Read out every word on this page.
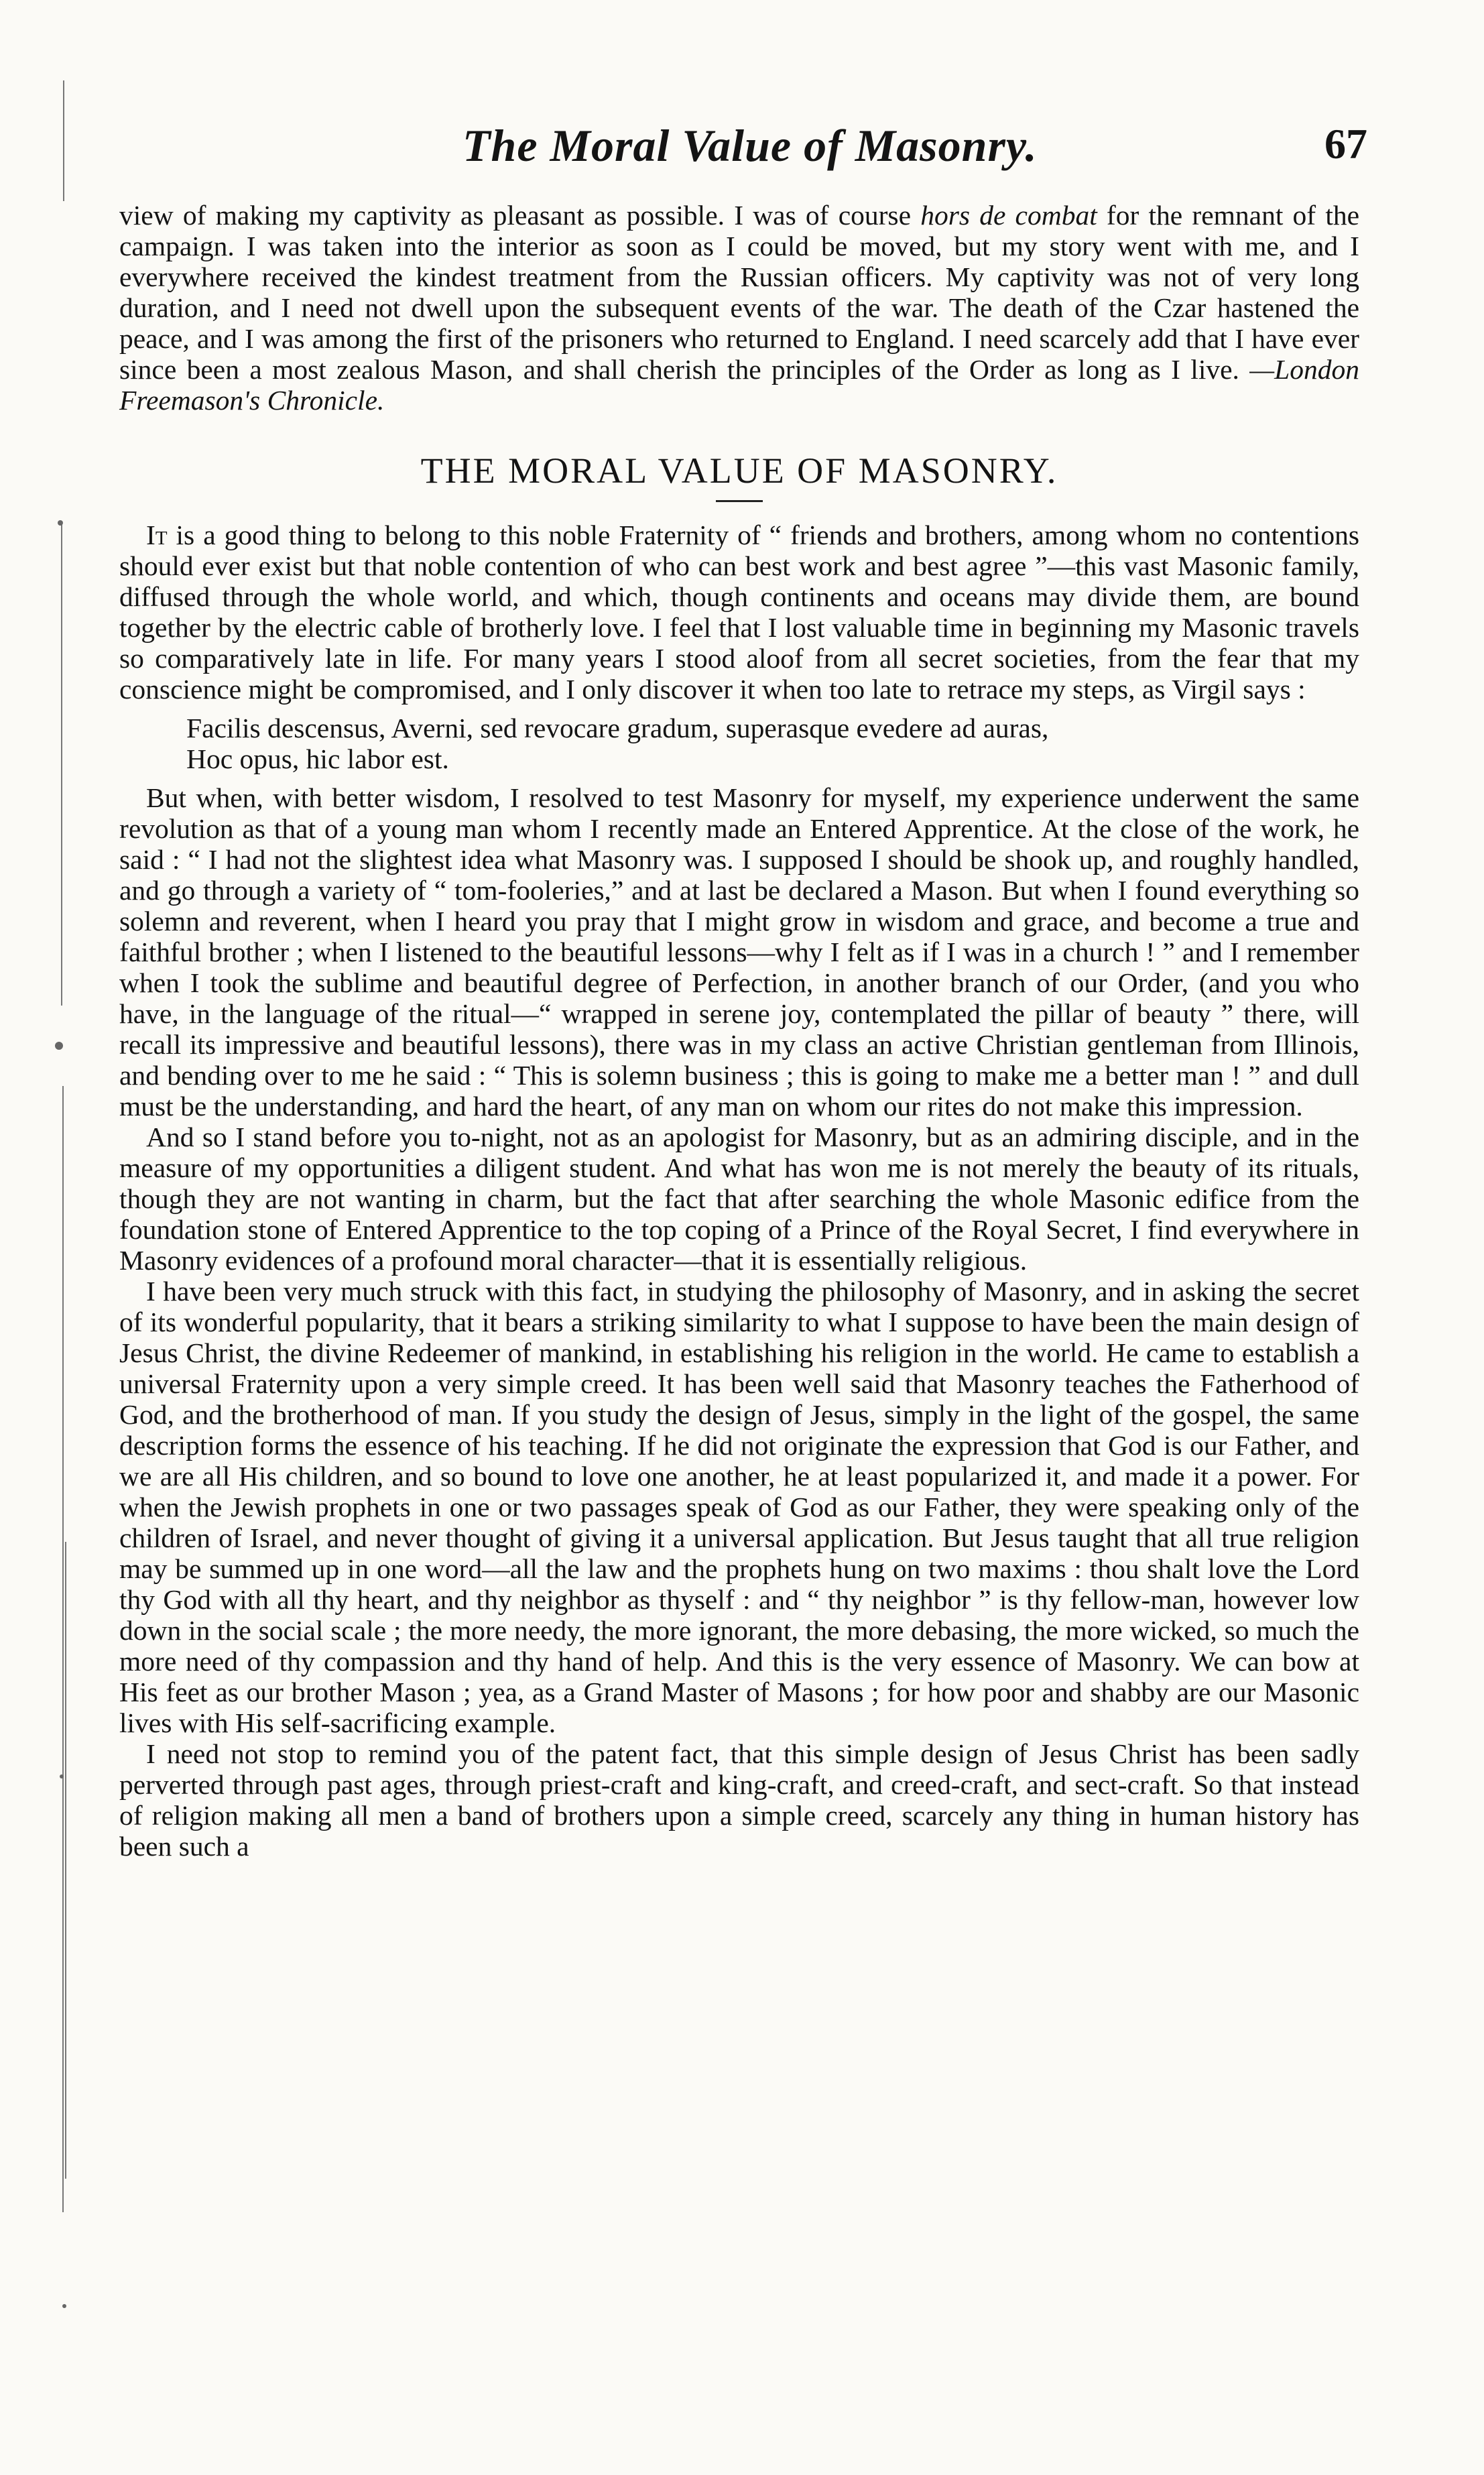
The Moral Value of Masonry.	67

view of making my captivity as pleasant as possible. I was of course hors de combat for the remnant of the campaign. I was taken into the interior as soon as I could be moved, but my story went with me, and I everywhere received the kindest treatment from the Russian officers. My captivity was not of very long duration, and I need not dwell upon the subsequent events of the war. The death of the Czar hastened the peace, and I was among the first of the prisoners who returned to England. I need scarcely add that I have ever since been a most zealous Mason, and shall cherish the principles of the Order as long as I live. —London Freemason's Chronicle.

THE MORAL VALUE OF MASONRY.

It is a good thing to belong to this noble Fraternity of “ friends and brothers, among whom no contentions should ever exist but that noble contention of who can best work and best agree ”—this vast Masonic family, diffused through the whole world, and which, though continents and oceans may divide them, are bound together by the electric cable of brotherly love. I feel that I lost valuable time in beginning my Masonic travels so comparatively late in life. For many years I stood aloof from all secret societies, from the fear that my conscience might be compromised, and I only discover it when too late to retrace my steps, as Virgil says :

Facilis descensus, Averni, sed revocare gradum, superasque evedere ad auras,
Hoc opus, hic labor est.

But when, with better wisdom, I resolved to test Masonry for myself, my experience underwent the same revolution as that of a young man whom I recently made an Entered Apprentice. At the close of the work, he said : “ I had not the slightest idea what Masonry was. I supposed I should be shook up, and roughly handled, and go through a variety of “ tom-fooleries,” and at last be declared a Mason. But when I found everything so solemn and reverent, when I heard you pray that I might grow in wisdom and grace, and become a true and faithful brother ; when I listened to the beautiful lessons—why I felt as if I was in a church ! ” and I remember when I took the sublime and beautiful degree of Perfection, in another branch of our Order, (and you who have, in the language of the ritual—“ wrapped in serene joy, contemplated the pillar of beauty ” there, will recall its impressive and beautiful lessons), there was in my class an active Christian gentleman from Illinois, and bending over to me he said : “ This is solemn business ; this is going to make me a better man ! ” and dull must be the understanding, and hard the heart, of any man on whom our rites do not make this impression.

And so I stand before you to-night, not as an apologist for Masonry, but as an admiring disciple, and in the measure of my opportunities a diligent student. And what has won me is not merely the beauty of its rituals, though they are not wanting in charm, but the fact that after searching the whole Masonic edifice from the foundation stone of Entered Apprentice to the top coping of a Prince of the Royal Secret, I find everywhere in Masonry evidences of a profound moral character—that it is essentially religious.

I have been very much struck with this fact, in studying the philosophy of Masonry, and in asking the secret of its wonderful popularity, that it bears a striking similarity to what I suppose to have been the main design of Jesus Christ, the divine Redeemer of mankind, in establishing his religion in the world. He came to establish a universal Fraternity upon a very simple creed. It has been well said that Masonry teaches the Fatherhood of God, and the brotherhood of man. If you study the design of Jesus, simply in the light of the gospel, the same description forms the essence of his teaching. If he did not originate the expression that God is our Father, and we are all His children, and so bound to love one another, he at least popularized it, and made it a power. For when the Jewish prophets in one or two passages speak of God as our Father, they were speaking only of the children of Israel, and never thought of giving it a universal application. But Jesus taught that all true religion may be summed up in one word—all the law and the prophets hung on two maxims : thou shalt love the Lord thy God with all thy heart, and thy neighbor as thyself : and “ thy neighbor ” is thy fellow-man, however low down in the social scale ; the more needy, the more ignorant, the more debasing, the more wicked, so much the more need of thy compassion and thy hand of help. And this is the very essence of Masonry. We can bow at His feet as our brother Mason ; yea, as a Grand Master of Masons ; for how poor and shabby are our Masonic lives with His self-sacrificing example.

I need not stop to remind you of the patent fact, that this simple design of Jesus Christ has been sadly perverted through past ages, through priest-craft and king-craft, and creed-craft, and sect-craft. So that instead of religion making all men a band of brothers upon a simple creed, scarcely any thing in human history has been such a
